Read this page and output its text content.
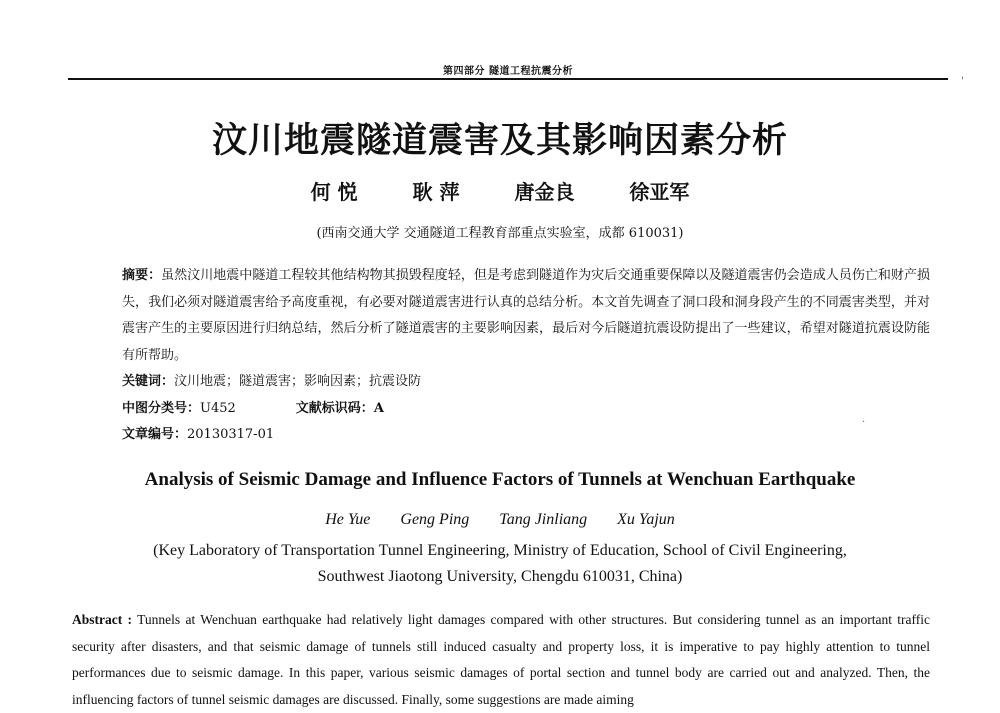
第四部分 隧道工程抗震分析
'
汶川地震隧道震害及其影响因素分析
何 悦	耿 萍	唐金良	徐亚军
(西南交通大学 交通隧道工程教育部重点实验室，成都 610031)

摘要：虽然汶川地震中隧道工程较其他结构物其损毁程度轻，但是考虑到隧道作为灾后交通重要保障以及隧道震害仍会造成人员伤亡和财产损失，我们必须对隧道震害给予高度重视，有必要对隧道震害进行认真的总结分析。本文首先调查了洞口段和洞身段产生的不同震害类型，并对震害产生的主要原因进行归纳总结，然后分析了隧道震害的主要影响因素，最后对今后隧道抗震设防提出了一些建议，希望对隧道抗震设防能有所帮助。

关键词：汶川地震；隧道震害；影响因素；抗震设防

中图分类号：U452	文献标识码：A

文章编号：20130317-01

·
Analysis of Seismic Damage and Influence Factors of Tunnels at Wenchuan Earthquake
He Yue Geng Ping Tang Jinliang Xu Yajun
(Key Laboratory of Transportation Tunnel Engineering, Ministry of Education, School of Civil Engineering,
Southwest Jiaotong University, Chengdu 610031, China)
Abstract : Tunnels at Wenchuan earthquake had relatively light damages compared with other structures. But considering tunnel as an important traffic security after disasters, and that seismic damage of tunnels still induced casualty and property loss, it is imperative to pay highly attention to tunnel performances due to seismic damage. In this paper, various seismic damages of portal section and tunnel body are carried out and analyzed. Then, the influencing factors of tunnel seismic damages are discussed. Finally, some suggestions are made aiming
